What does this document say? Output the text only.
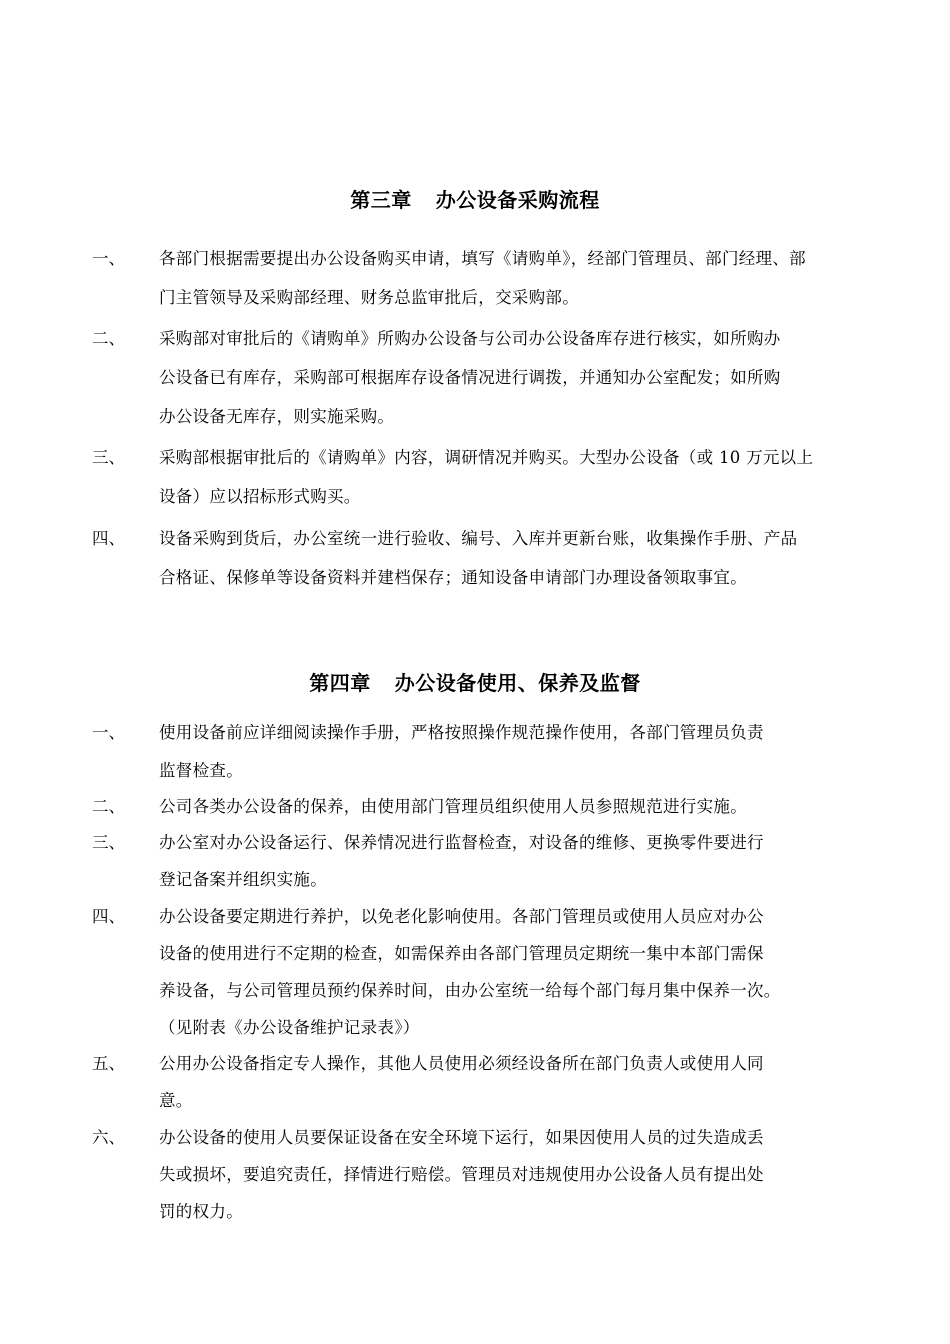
第三章 办公设备采购流程
一、 各部门根据需要提出办公设备购买申请，填写《请购单》，经部门管理员、部门经理、部
门主管领导及采购部经理、财务总监审批后，交采购部。
二、 采购部对审批后的《请购单》所购办公设备与公司办公设备库存进行核实，如所购办
公设备已有库存，采购部可根据库存设备情况进行调拨，并通知办公室配发；如所购
办公设备无库存，则实施采购。
三、 采购部根据审批后的《请购单》内容，调研情况并购买。大型办公设备（或 10 万元以上
设备）应以招标形式购买。
四、 设备采购到货后，办公室统一进行验收、编号、入库并更新台账，收集操作手册、产品
合格证、保修单等设备资料并建档保存；通知设备申请部门办理设备领取事宜。
第四章 办公设备使用、保养及监督
一、 使用设备前应详细阅读操作手册，严格按照操作规范操作使用，各部门管理员负责
监督检查。
二、 公司各类办公设备的保养，由使用部门管理员组织使用人员参照规范进行实施。
三、 办公室对办公设备运行、保养情况进行监督检查，对设备的维修、更换零件要进行
登记备案并组织实施。
四、 办公设备要定期进行养护，以免老化影响使用。各部门管理员或使用人员应对办公
设备的使用进行不定期的检查，如需保养由各部门管理员定期统一集中本部门需保
养设备，与公司管理员预约保养时间，由办公室统一给每个部门每月集中保养一次。
（见附表《办公设备维护记录表》）
五、 公用办公设备指定专人操作，其他人员使用必须经设备所在部门负责人或使用人同
意。
六、 办公设备的使用人员要保证设备在安全环境下运行，如果因使用人员的过失造成丢
失或损坏，要追究责任，择情进行赔偿。管理员对违规使用办公设备人员有提出处
罚的权力。
